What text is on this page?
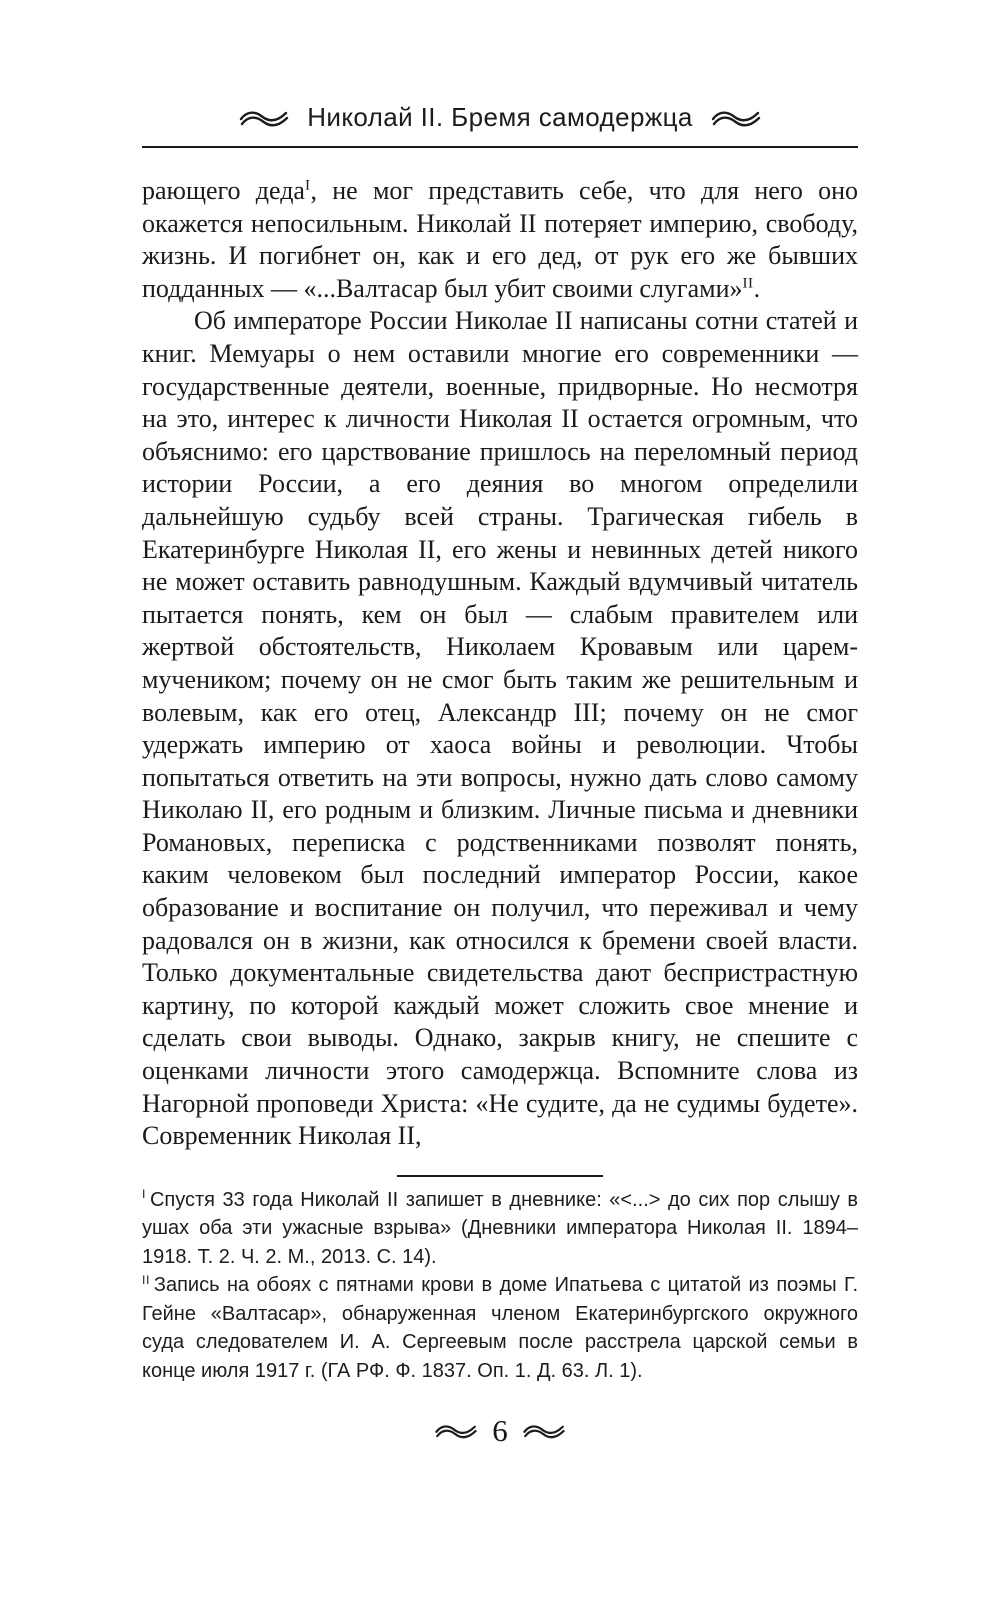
Николай II. Бремя самодержца

рающего деда$^I$, не мог представить себе, что для него оно окажется непосильным. Николай II потеряет империю, свободу, жизнь. И погибнет он, как и его дед, от рук его же бывших подданных — «...Валтасар был убит своими слугами»$^{II}$.

Об императоре России Николае II написаны сотни статей и книг. Мемуары о нем оставили многие его современники — государственные деятели, военные, придворные. Но несмотря на это, интерес к личности Николая II остается огромным, что объяснимо: его царствование пришлось на переломный период истории России, а его деяния во многом определили дальнейшую судьбу всей страны. Трагическая гибель в Екатеринбурге Николая II, его жены и невинных детей никого не может оставить равнодушным. Каждый вдумчивый читатель пытается понять, кем он был — слабым правителем или жертвой обстоятельств, Николаем Кровавым или царем-мучеником; почему он не смог быть таким же решительным и волевым, как его отец, Александр III; почему он не смог удержать империю от хаоса войны и революции. Чтобы попытаться ответить на эти вопросы, нужно дать слово самому Николаю II, его родным и близким. Личные письма и дневники Романовых, переписка с родственниками позволят понять, каким человеком был последний император России, какое образование и воспитание он получил, что переживал и чему радовался он в жизни, как относился к бремени своей власти. Только документальные свидетельства дают беспристрастную картину, по которой каждый может сложить свое мнение и сделать свои выводы. Однако, закрыв книгу, не спешите с оценками личности этого самодержца. Вспомните слова из Нагорной проповеди Христа: «Не судите, да не судимы будете». Современник Николая II,

$^I$ Спустя 33 года Николай II запишет в дневнике: «<...> до сих пор слышу в ушах оба эти ужасные взрыва» (Дневники императора Николая II. 1894–1918. Т. 2. Ч. 2. М., 2013. С. 14).

$^{II}$ Запись на обоях с пятнами крови в доме Ипатьева с цитатой из поэмы Г. Гейне «Валтасар», обнаруженная членом Екатеринбургского окружного суда следователем И. А. Сергеевым после расстрела царской семьи в конце июля 1917 г. (ГА РФ. Ф. 1837. Оп. 1. Д. 63. Л. 1).

6
